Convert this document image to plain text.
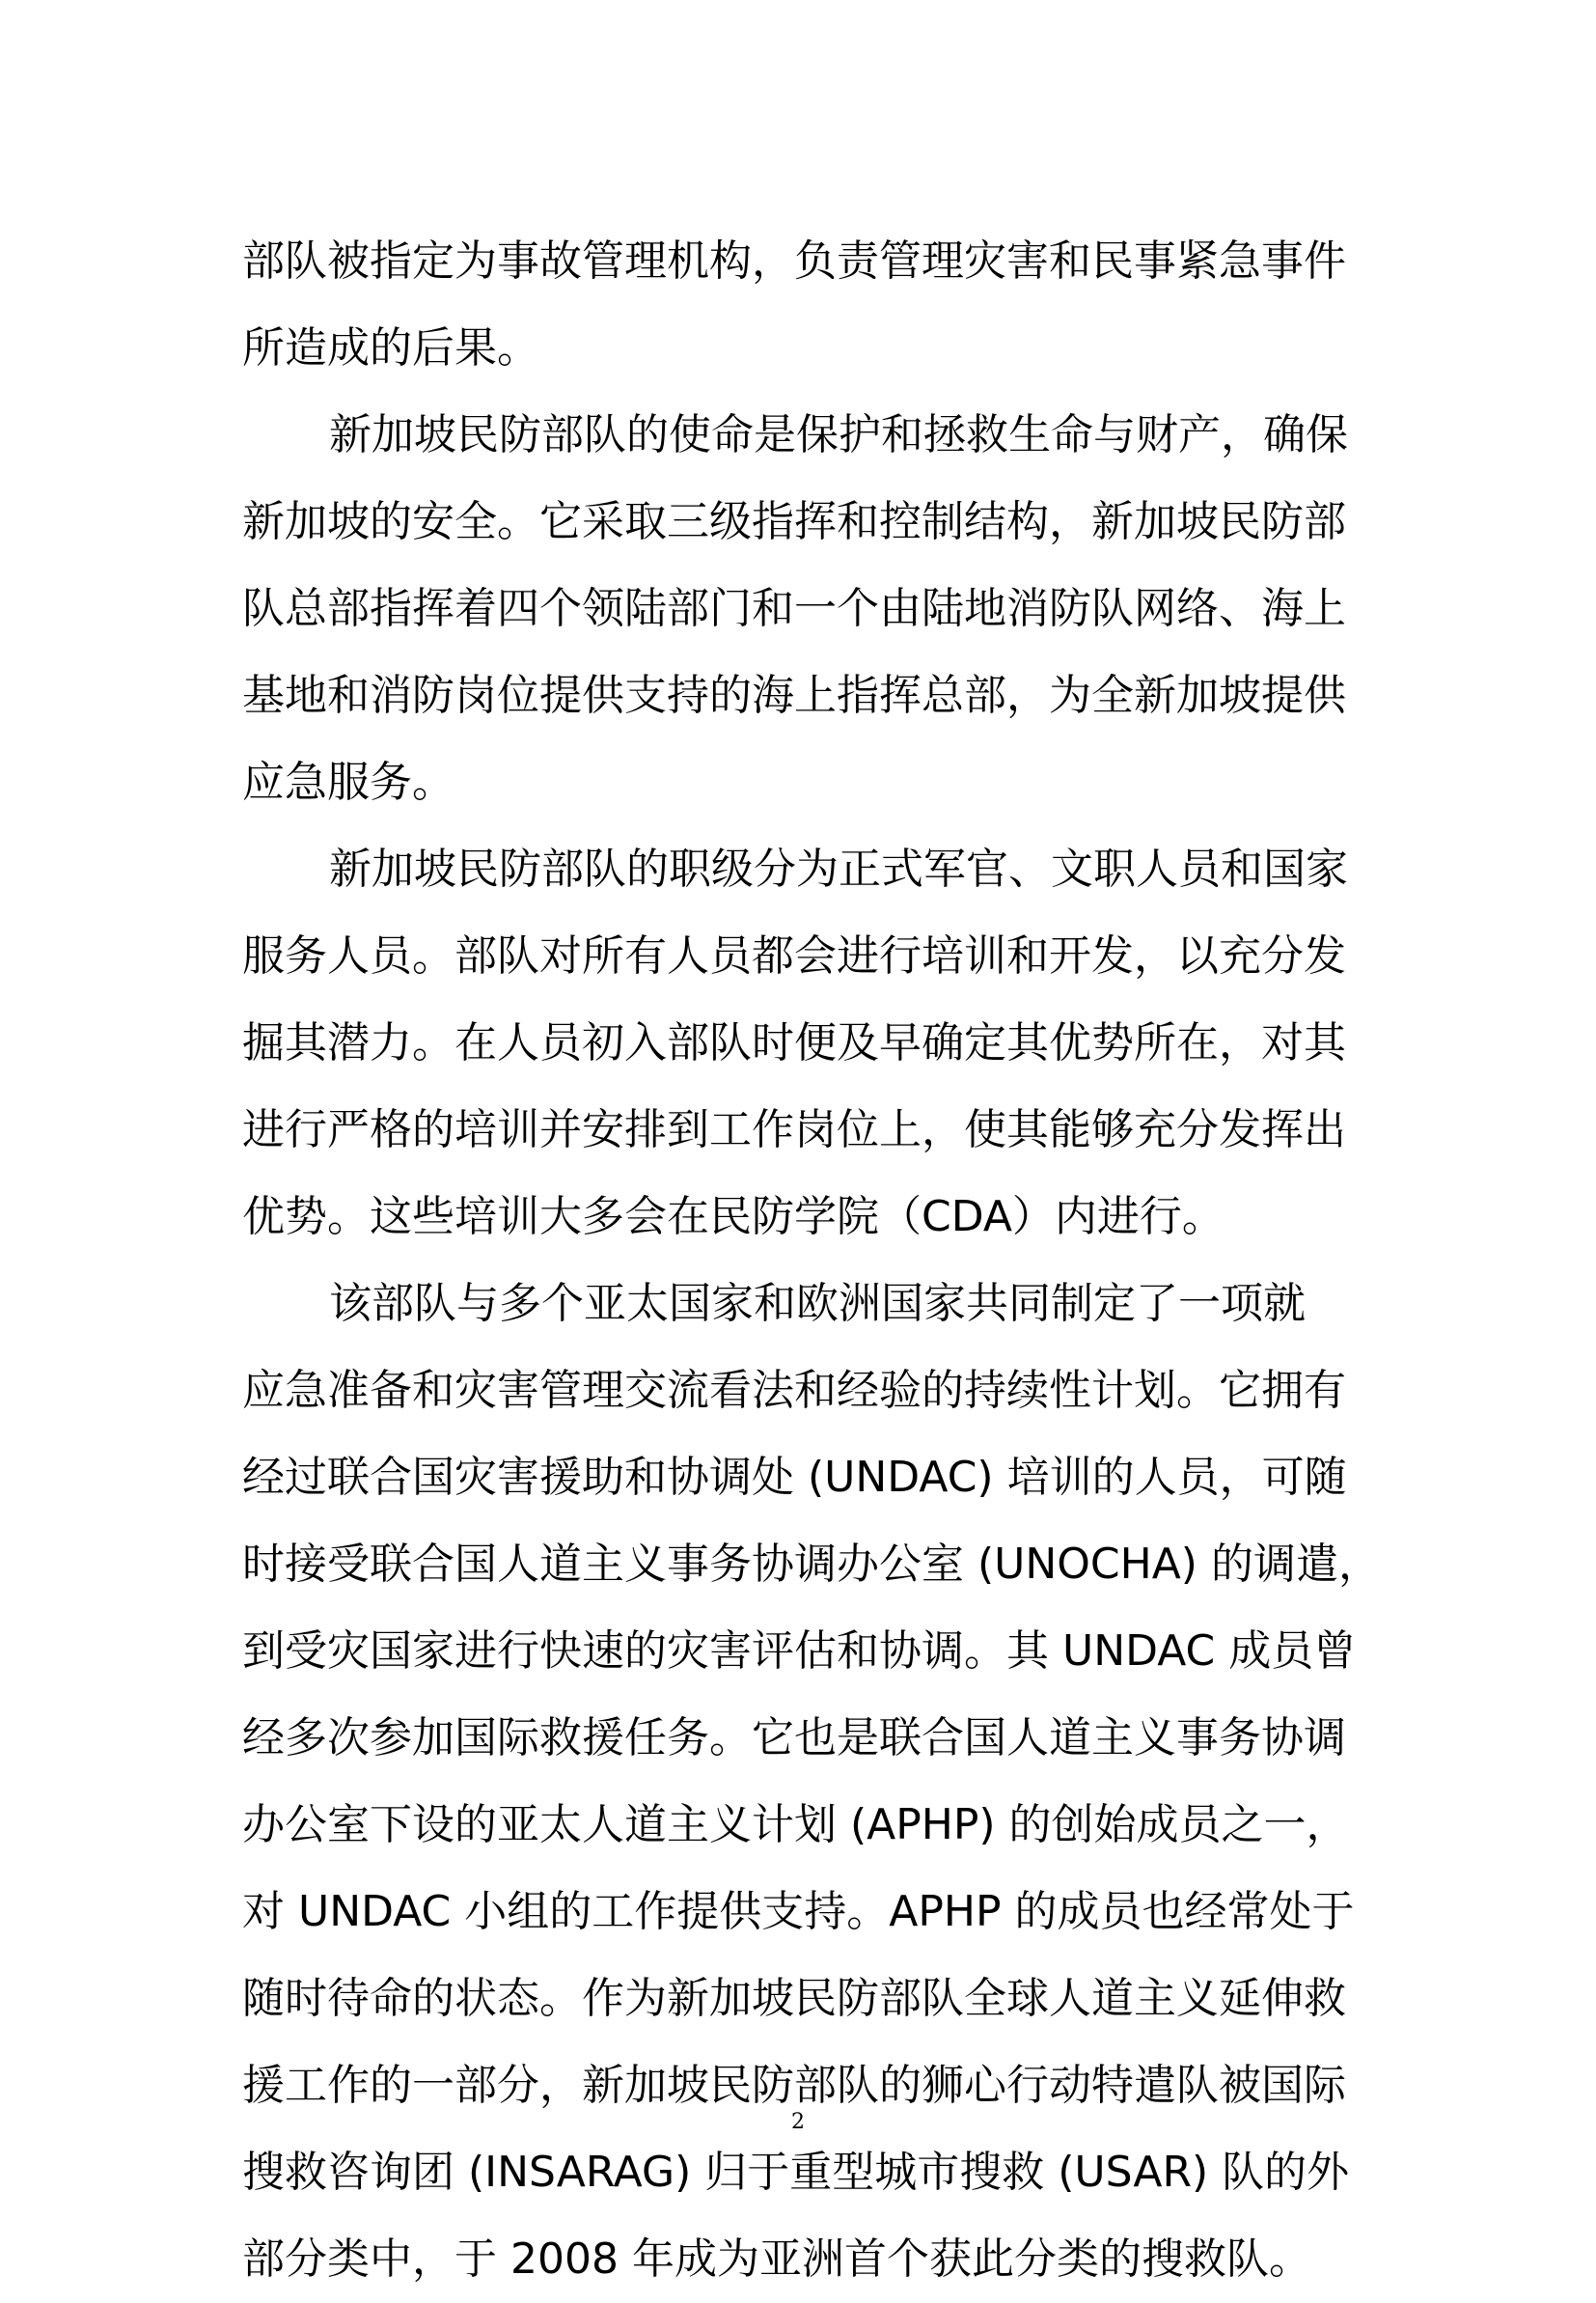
部队被指定为事故管理机构，负责管理灾害和民事紧急事件
所造成的后果。
新加坡民防部队的使命是保护和拯救生命与财产，确保
新加坡的安全。它采取三级指挥和控制结构，新加坡民防部
队总部指挥着四个领陆部门和一个由陆地消防队网络、海上
基地和消防岗位提供支持的海上指挥总部，为全新加坡提供
应急服务。
新加坡民防部队的职级分为正式军官、文职人员和国家
服务人员。部队对所有人员都会进行培训和开发，以充分发
掘其潜力。在人员初入部队时便及早确定其优势所在，对其
进行严格的培训并安排到工作岗位上，使其能够充分发挥出
优势。这些培训大多会在民防学院（CDA）内进行。
该部队与多个亚太国家和欧洲国家共同制定了一项就
应急准备和灾害管理交流看法和经验的持续性计划。它拥有
经过联合国灾害援助和协调处 (UNDAC) 培训的人员，可随
时接受联合国人道主义事务协调办公室 (UNOCHA) 的调遣，
到受灾国家进行快速的灾害评估和协调。其 UNDAC 成员曾
经多次参加国际救援任务。它也是联合国人道主义事务协调
办公室下设的亚太人道主义计划 (APHP) 的创始成员之一，
对 UNDAC 小组的工作提供支持。APHP 的成员也经常处于
随时待命的状态。作为新加坡民防部队全球人道主义延伸救
援工作的一部分，新加坡民防部队的狮心行动特遣队被国际
搜救咨询团 (INSARAG) 归于重型城市搜救 (USAR) 队的外
部分类中，于 2008 年成为亚洲首个获此分类的搜救队。
2
